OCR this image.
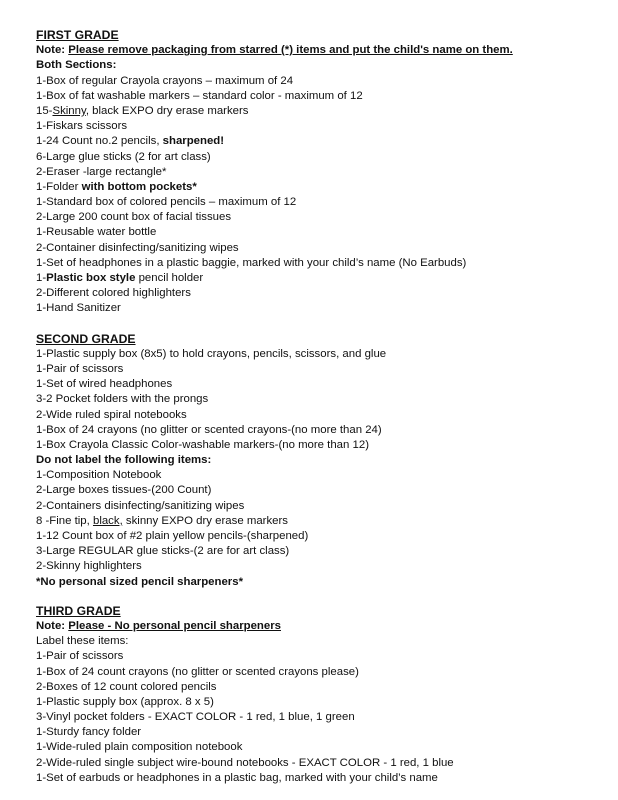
FIRST GRADE
Note: Please remove packaging from starred (*) items and put the child's name on them.
Both Sections:
1-Box of regular Crayola crayons – maximum of 24
1-Box of fat washable markers – standard color - maximum of 12
15-Skinny, black EXPO dry erase markers
1-Fiskars scissors
1-24 Count no.2 pencils, sharpened!
6-Large glue sticks (2 for art class)
2-Eraser -large rectangle*
1-Folder with bottom pockets*
1-Standard box of colored pencils – maximum of 12
2-Large 200 count box of facial tissues
1-Reusable water bottle
2-Container disinfecting/sanitizing wipes
1-Set of headphones in a plastic baggie, marked with your child’s name (No Earbuds)
1-Plastic box style pencil holder
2-Different colored highlighters
1-Hand Sanitizer
SECOND GRADE
1-Plastic supply box (8x5) to hold crayons, pencils, scissors, and glue
1-Pair of scissors
1-Set of wired headphones
3-2 Pocket folders with the prongs
2-Wide ruled spiral notebooks
1-Box of 24 crayons (no glitter or scented crayons-(no more than 24)
1-Box Crayola Classic Color-washable markers-(no more than 12)
Do not label the following items:
1-Composition Notebook
2-Large boxes tissues-(200 Count)
2-Containers disinfecting/sanitizing wipes
8 -Fine tip, black, skinny EXPO dry erase markers
1-12 Count box of #2 plain yellow pencils-(sharpened)
3-Large REGULAR glue sticks-(2 are for art class)
2-Skinny highlighters
*No personal sized pencil sharpeners*
THIRD GRADE
Note: Please - No personal pencil sharpeners
Label these items:
1-Pair of scissors
1-Box of 24 count crayons (no glitter or scented crayons please)
2-Boxes of 12 count colored pencils
1-Plastic supply box (approx. 8 x 5)
3-Vinyl pocket folders - EXACT COLOR - 1 red, 1 blue, 1 green
1-Sturdy fancy folder
1-Wide-ruled plain composition notebook
2-Wide-ruled single subject wire-bound notebooks - EXACT COLOR - 1 red, 1 blue
1-Set of earbuds or headphones in a plastic bag, marked with your child’s name
